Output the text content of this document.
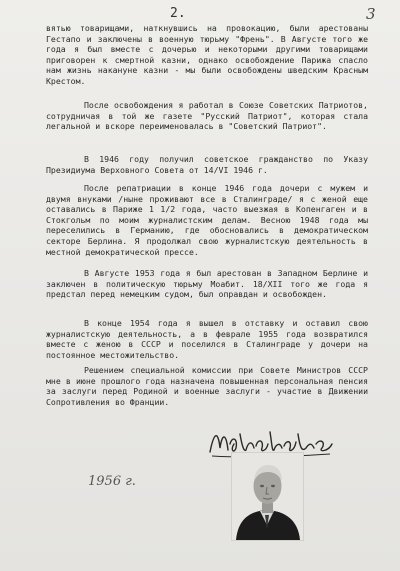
2.	3

вятью товарищами, наткнувшись на провокацию, были арестованы Гестапо и заключены в военную тюрьму "Френь". В Августе того же года я был вместе с дочерью и некоторыми другими товарищами приговорен к смертной казни, однако освобождение Парижа спасло нам жизнь накануне казни - мы были освобождены шведским Красным Крестом.

После освобождения я работал в Союзе Советских Патриотов, сотрудничая в той же газете "Русский Патриот", которая стала легальной и вскоре переименовалась в "Советский Патриот".

В 1946 году получил советское гражданство по Указу Президиума Верховного Совета от 14/VI 1946 г.

После репатриации в конце 1946 года дочери с мужем и двумя внуками /ныне проживают все в Сталинграде/ я с женой еще оставались в Париже 1 1/2 года, часто выезжая в Копенгаген и в Стокгольм по моим журналистским делам. Весною 1948 года мы переселились в Германию, где обосновались в демократическом секторе Берлина. Я продолжал свою журналистскую деятельность в местной демократической прессе.

В Августе 1953 года я был арестован в Западном Берлине и заключен в политическую тюрьму Моабит. 18/XII того же года я предстал перед немецким судом, был оправдан и освобожден.

В конце 1954 года я вышел в отставку и оставил свою журналистскую деятельность, а в феврале 1955 года возвратился вместе с женою в СССР и поселился в Сталинграде у дочери на постоянное местожительство.

Решением специальной комиссии при Совете Министров СССР мне в июне прошлого года назначена повышенная персональная пенсия за заслуги перед Родиной и военные заслуги - участие в Движении Сопротивления во Франции.

1956 г.
